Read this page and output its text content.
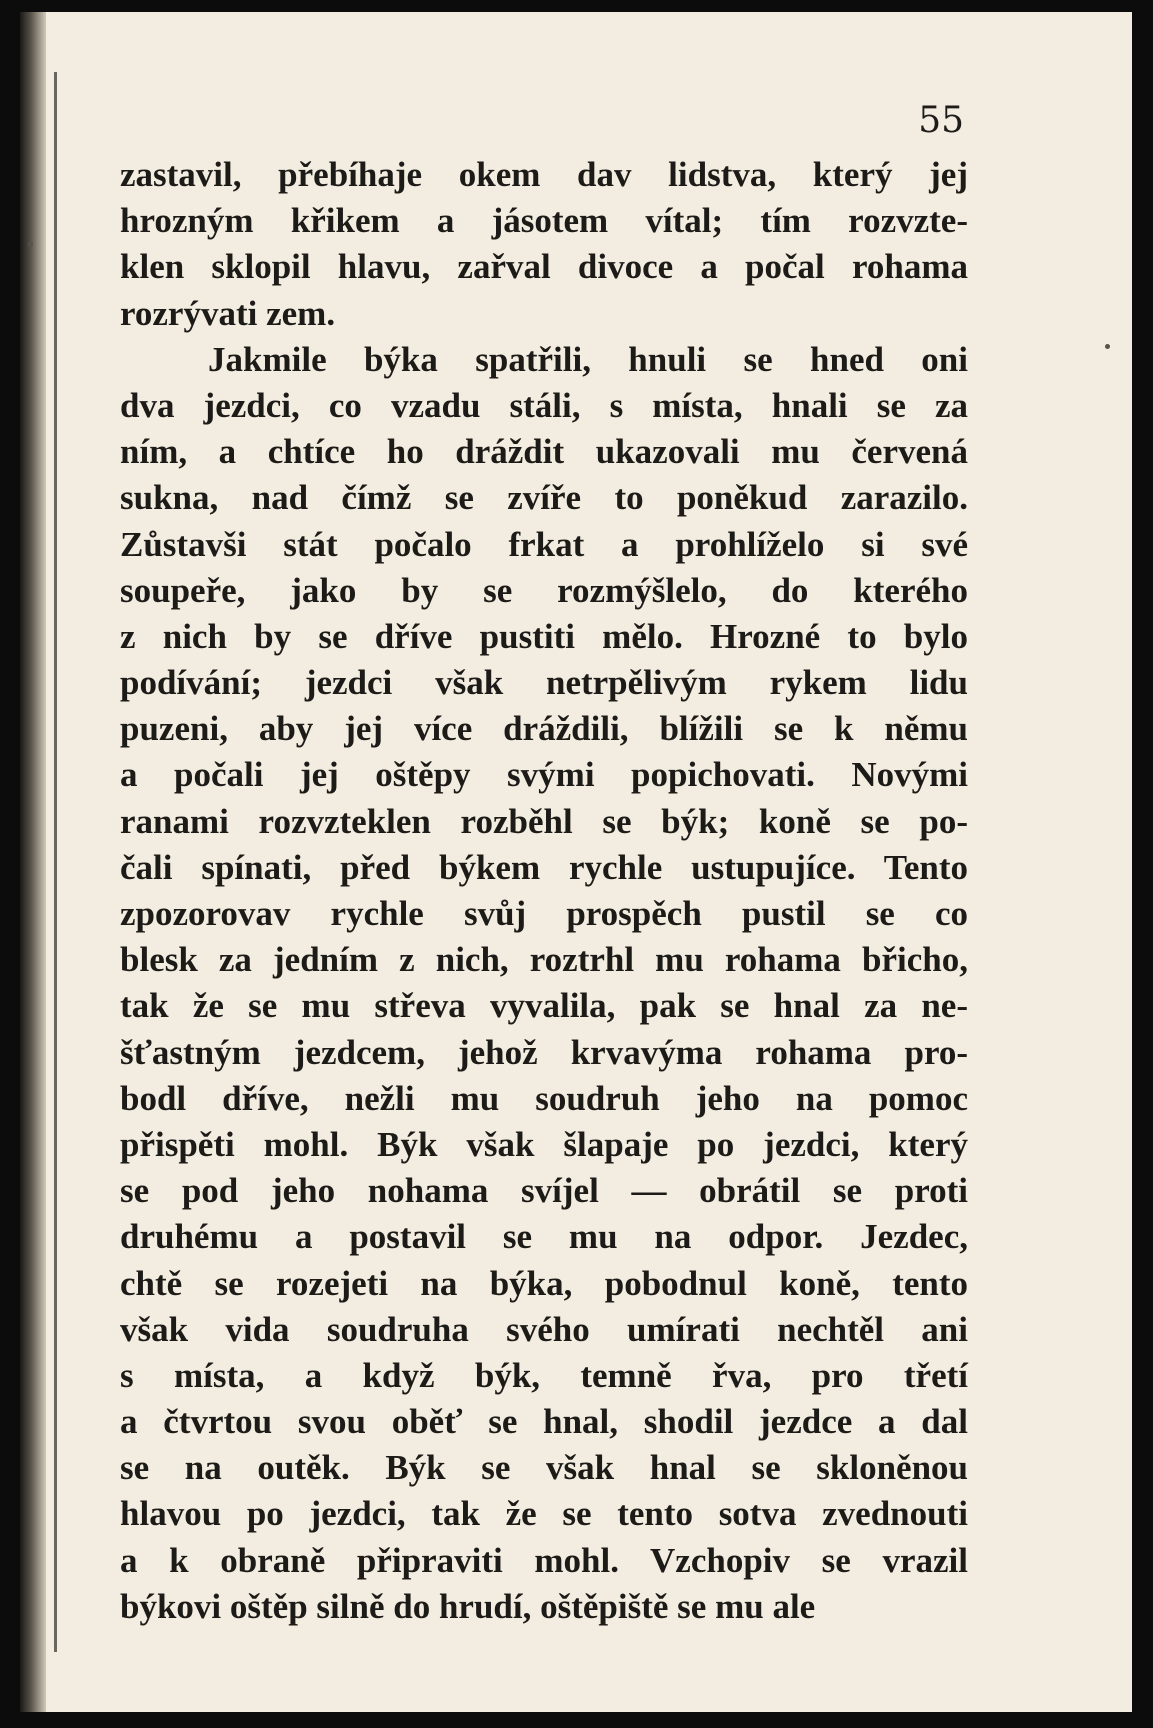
55

zastavil, přebíhaje okem dav lidstva, který jej
hrozným křikem a jásotem vítal; tím rozvzte-
klen sklopil hlavu, zařval divoce a počal rohama
rozrývati zem.
Jakmile býka spatřili, hnuli se hned oni
dva jezdci, co vzadu stáli, s místa, hnali se za
ním, a chtíce ho dráždit ukazovali mu červená
sukna, nad čímž se zvíře to poněkud zarazilo.
Zůstavši stát počalo frkat a prohlíželo si své
soupeře, jako by se rozmýšlelo, do kterého
z nich by se dříve pustiti mělo. Hrozné to bylo
podívání; jezdci však netrpělivým rykem lidu
puzeni, aby jej více dráždili, blížili se k němu
a počali jej oštěpy svými popichovati. Novými
ranami rozvzteklen rozběhl se býk; koně se po-
čali spínati, před býkem rychle ustupujíce. Tento
zpozorovav rychle svůj prospěch pustil se co
blesk za jedním z nich, roztrhl mu rohama břicho,
tak že se mu střeva vyvalila, pak se hnal za ne-
šťastným jezdcem, jehož krvavýma rohama pro-
bodl dříve, nežli mu soudruh jeho na pomoc
přispěti mohl. Býk však šlapaje po jezdci, který
se pod jeho nohama svíjel — obrátil se proti
druhému a postavil se mu na odpor. Jezdec,
chtě se rozejeti na býka, pobodnul koně, tento
však vida soudruha svého umírati nechtěl ani
s místa, a když býk, temně řva, pro třetí
a čtvrtou svou oběť se hnal, shodil jezdce a dal
se na outěk. Býk se však hnal se skloněnou
hlavou po jezdci, tak že se tento sotva zvednouti
a k obraně připraviti mohl. Vzchopiv se vrazil
býkovi oštěp silně do hrudí, oštěpiště se mu ale
